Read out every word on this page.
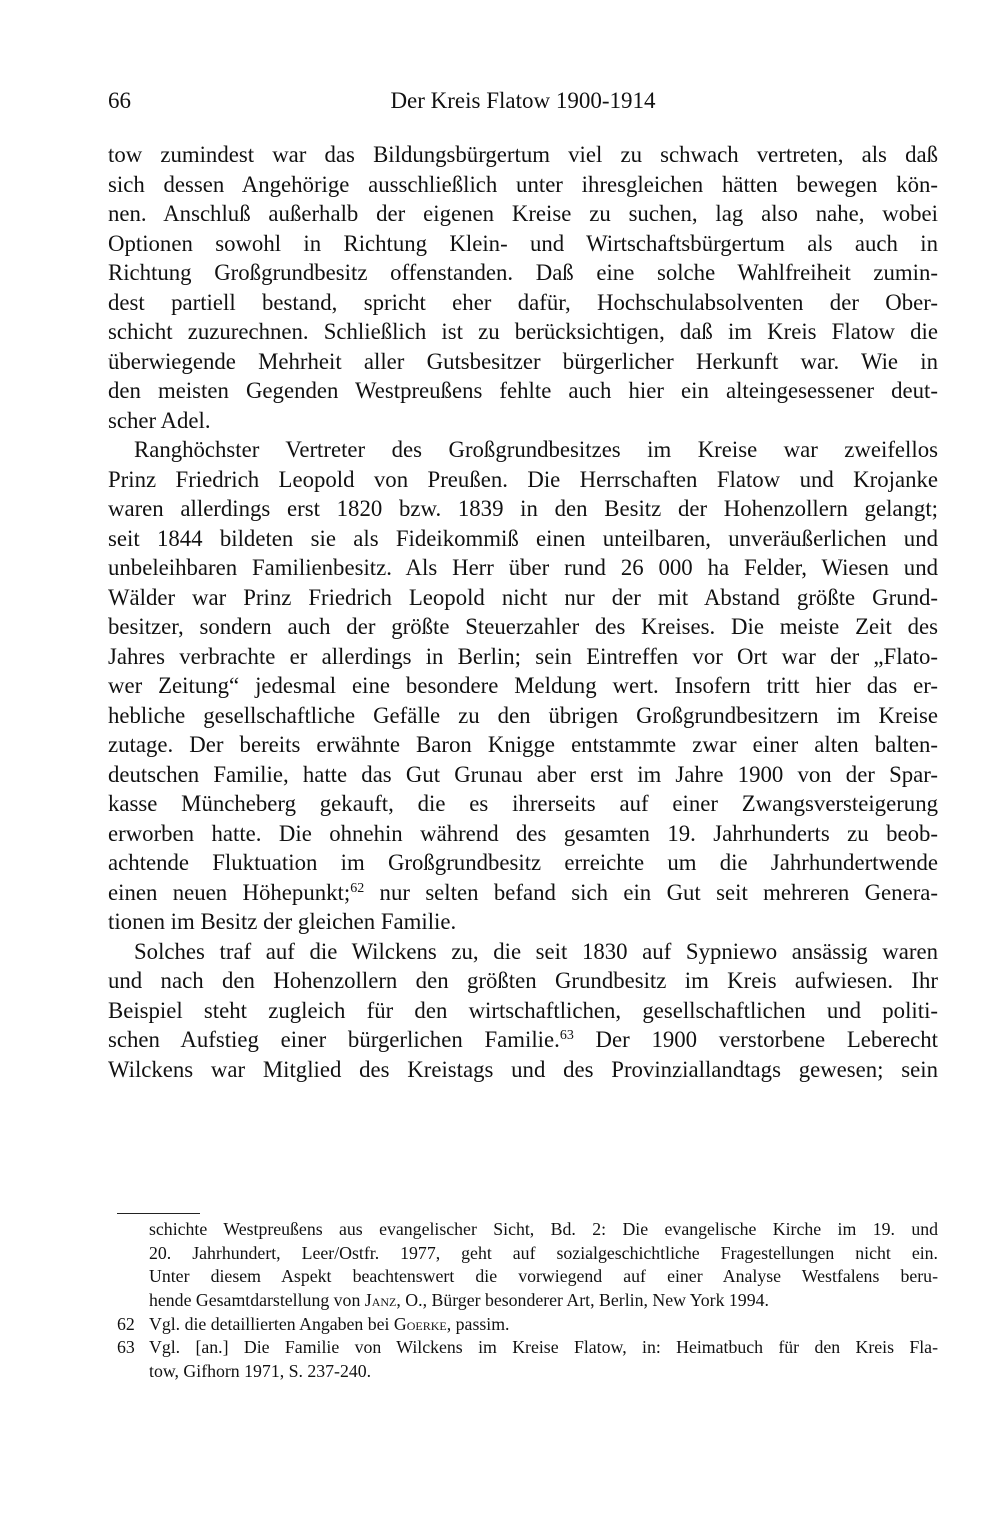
66	Der Kreis Flatow 1900-1914
tow zumindest war das Bildungsbürgertum viel zu schwach vertreten, als daß
sich dessen Angehörige ausschließlich unter ihresgleichen hätten bewegen kön-
nen. Anschluß außerhalb der eigenen Kreise zu suchen, lag also nahe, wobei
Optionen sowohl in Richtung Klein- und Wirtschaftsbürgertum als auch in
Richtung Großgrundbesitz offenstanden. Daß eine solche Wahlfreiheit zumin-
dest partiell bestand, spricht eher dafür, Hochschulabsolventen der Ober-
schicht zuzurechnen. Schließlich ist zu berücksichtigen, daß im Kreis Flatow die
überwiegende Mehrheit aller Gutsbesitzer bürgerlicher Herkunft war. Wie in
den meisten Gegenden Westpreußens fehlte auch hier ein alteingesessener deut-
scher Adel.
Ranghöchster Vertreter des Großgrundbesitzes im Kreise war zweifellos
Prinz Friedrich Leopold von Preußen. Die Herrschaften Flatow und Krojanke
waren allerdings erst 1820 bzw. 1839 in den Besitz der Hohenzollern gelangt;
seit 1844 bildeten sie als Fideikommiß einen unteilbaren, unveräußerlichen und
unbeleihbaren Familienbesitz. Als Herr über rund 26 000 ha Felder, Wiesen und
Wälder war Prinz Friedrich Leopold nicht nur der mit Abstand größte Grund-
besitzer, sondern auch der größte Steuerzahler des Kreises. Die meiste Zeit des
Jahres verbrachte er allerdings in Berlin; sein Eintreffen vor Ort war der „Flato-
wer Zeitung“ jedesmal eine besondere Meldung wert. Insofern tritt hier das er-
hebliche gesellschaftliche Gefälle zu den übrigen Großgrundbesitzern im Kreise
zutage. Der bereits erwähnte Baron Knigge entstammte zwar einer alten balten-
deutschen Familie, hatte das Gut Grunau aber erst im Jahre 1900 von der Spar-
kasse Müncheberg gekauft, die es ihrerseits auf einer Zwangsversteigerung
erworben hatte. Die ohnehin während des gesamten 19. Jahrhunderts zu beob-
achtende Fluktuation im Großgrundbesitz erreichte um die Jahrhundertwende
einen neuen Höhepunkt;$^{62}$ nur selten befand sich ein Gut seit mehreren Genera-
tionen im Besitz der gleichen Familie.
Solches traf auf die Wilckens zu, die seit 1830 auf Sypniewo ansässig waren
und nach den Hohenzollern den größten Grundbesitz im Kreis aufwiesen. Ihr
Beispiel steht zugleich für den wirtschaftlichen, gesellschaftlichen und politi-
schen Aufstieg einer bürgerlichen Familie.$^{63}$ Der 1900 verstorbene Leberecht
Wilckens war Mitglied des Kreistags und des Provinziallandtags gewesen; sein
schichte Westpreußens aus evangelischer Sicht, Bd. 2: Die evangelische Kirche im 19. und
20. Jahrhundert, Leer/Ostfr. 1977, geht auf sozialgeschichtliche Fragestellungen nicht ein.
Unter diesem Aspekt beachtenswert die vorwiegend auf einer Analyse Westfalens beru-
hende Gesamtdarstellung von Janz, O., Bürger besonderer Art, Berlin, New York 1994.
62 Vgl. die detaillierten Angaben bei Goerke, passim.
63 Vgl. [an.] Die Familie von Wilckens im Kreise Flatow, in: Heimatbuch für den Kreis Fla-
tow, Gifhorn 1971, S. 237-240.
